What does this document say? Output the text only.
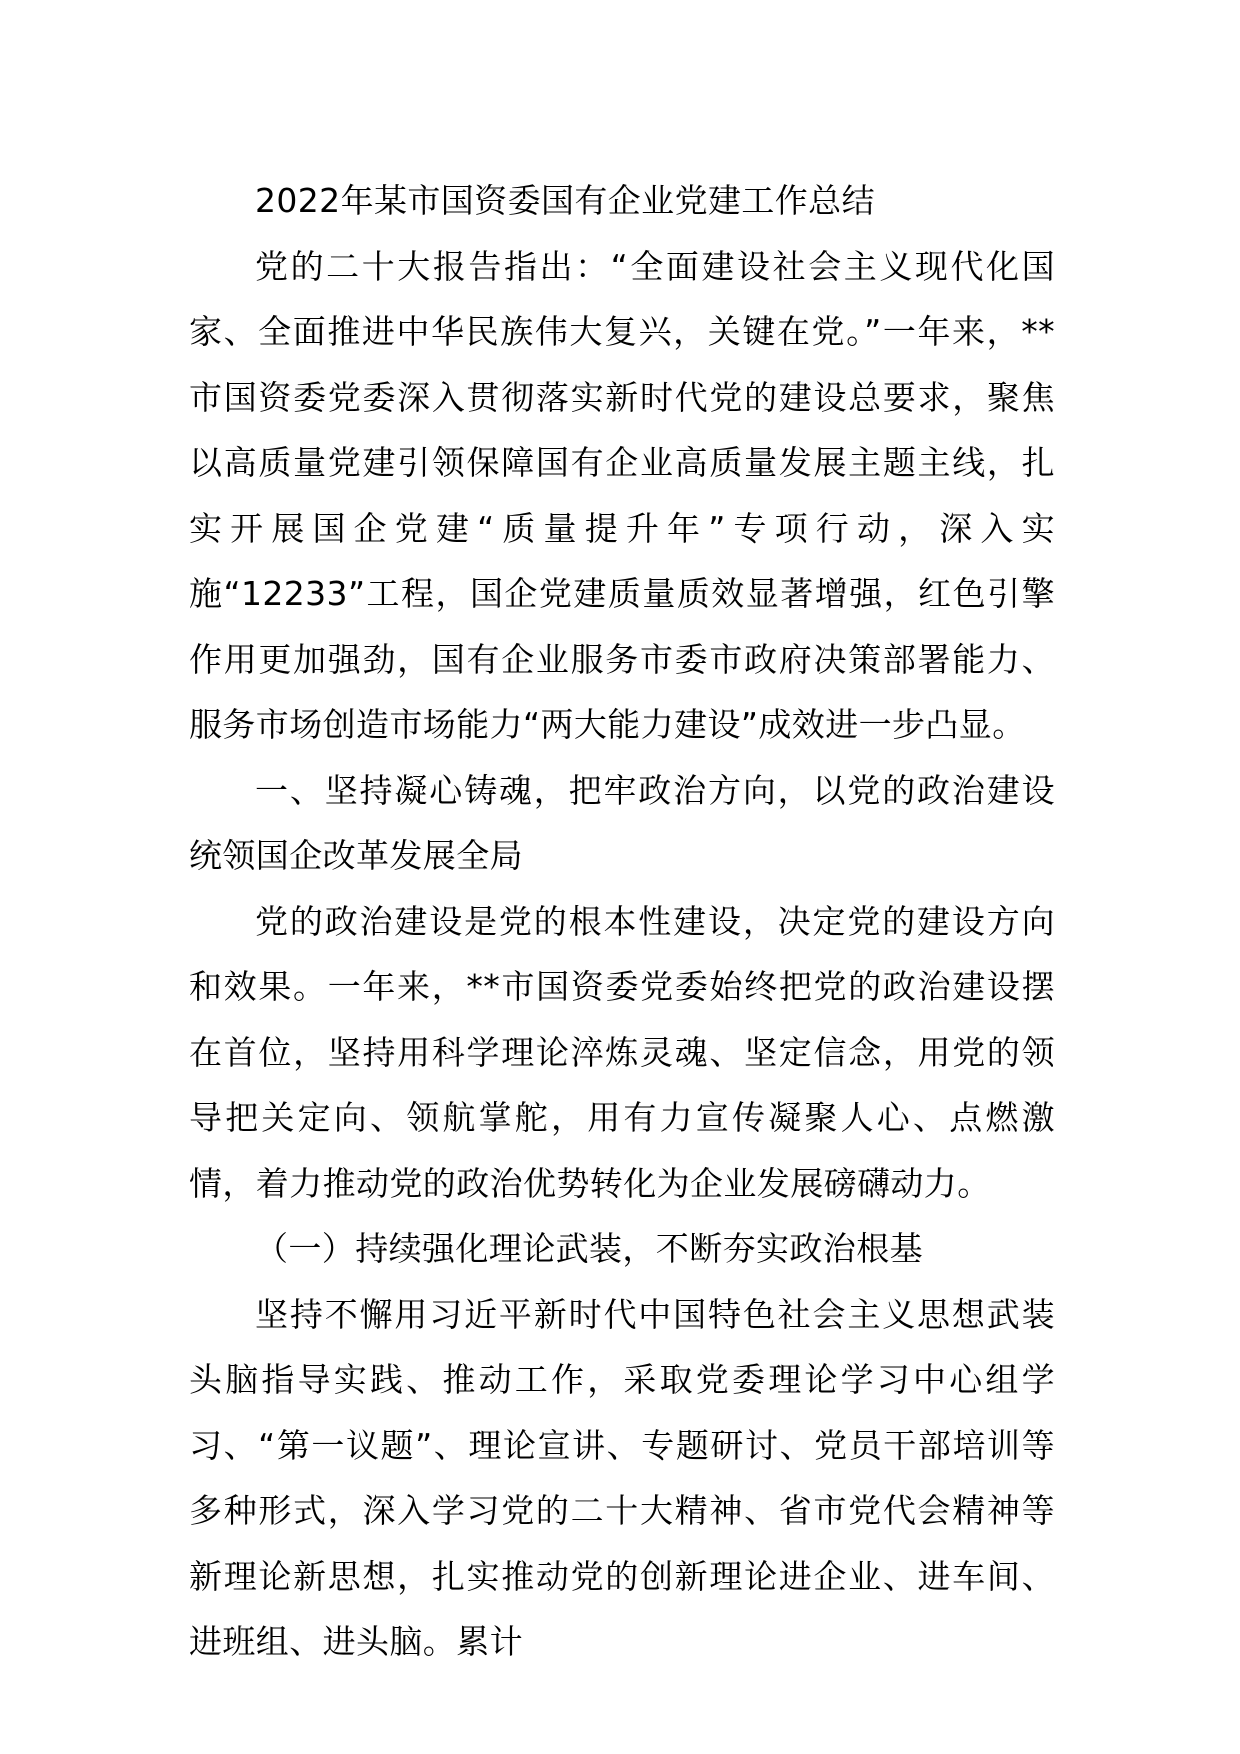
2022年某市国资委国有企业党建工作总结

党的二十大报告指出：“全面建设社会主义现代化国家、全面推进中华民族伟大复兴，关键在党。”一年来，**市国资委党委深入贯彻落实新时代党的建设总要求，聚焦以高质量党建引领保障国有企业高质量发展主题主线，扎实开展国企党建“质量提升年”专项行动，深入实施“12233”工程，国企党建质量质效显著增强，红色引擎作用更加强劲，国有企业服务市委市政府决策部署能力、服务市场创造市场能力“两大能力建设”成效进一步凸显。

一、坚持凝心铸魂，把牢政治方向，以党的政治建设统领国企改革发展全局

党的政治建设是党的根本性建设，决定党的建设方向和效果。一年来，**市国资委党委始终把党的政治建设摆在首位，坚持用科学理论淬炼灵魂、坚定信念，用党的领导把关定向、领航掌舵，用有力宣传凝聚人心、点燃激情，着力推动党的政治优势转化为企业发展磅礴动力。

（一）持续强化理论武装，不断夯实政治根基

坚持不懈用习近平新时代中国特色社会主义思想武装头脑指导实践、推动工作，采取党委理论学习中心组学习、“第一议题”、理论宣讲、专题研讨、党员干部培训等多种形式，深入学习党的二十大精神、省市党代会精神等新理论新思想，扎实推动党的创新理论进企业、进车间、进班组、进头脑。累计
